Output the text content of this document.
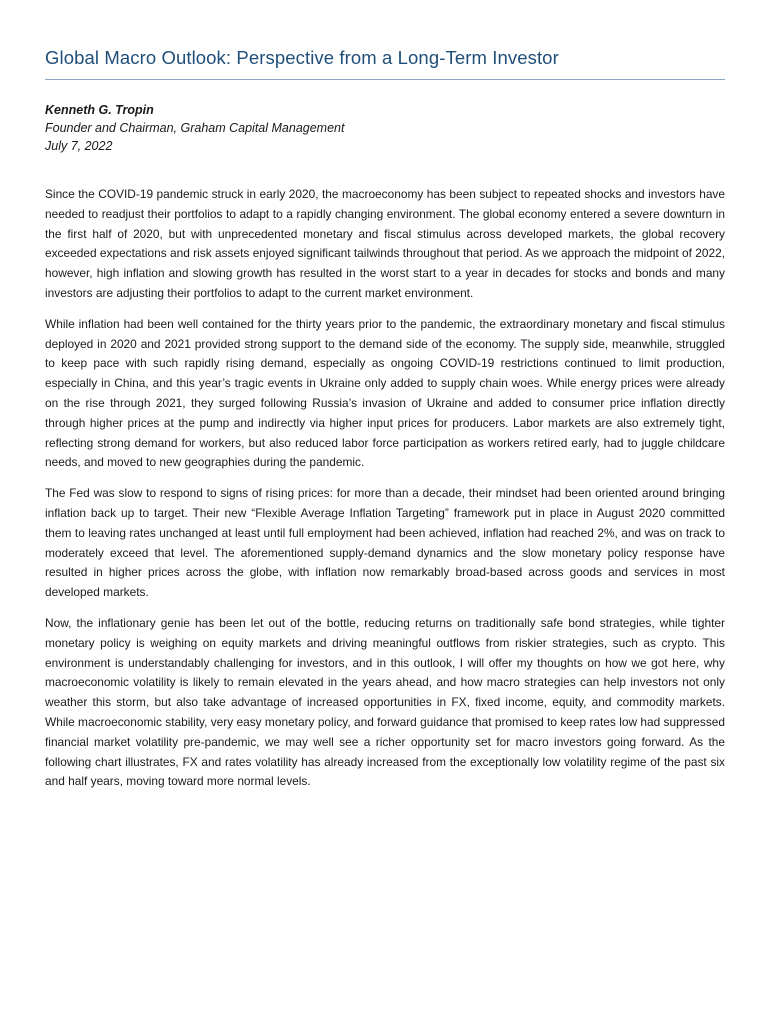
Global Macro Outlook: Perspective from a Long-Term Investor
Kenneth G. Tropin
Founder and Chairman, Graham Capital Management
July 7, 2022

Since the COVID-19 pandemic struck in early 2020, the macroeconomy has been subject to repeated shocks and investors have needed to readjust their portfolios to adapt to a rapidly changing environment. The global economy entered a severe downturn in the first half of 2020, but with unprecedented monetary and fiscal stimulus across developed markets, the global recovery exceeded expectations and risk assets enjoyed significant tailwinds throughout that period. As we approach the midpoint of 2022, however, high inflation and slowing growth has resulted in the worst start to a year in decades for stocks and bonds and many investors are adjusting their portfolios to adapt to the current market environment.

While inflation had been well contained for the thirty years prior to the pandemic, the extraordinary monetary and fiscal stimulus deployed in 2020 and 2021 provided strong support to the demand side of the economy. The supply side, meanwhile, struggled to keep pace with such rapidly rising demand, especially as ongoing COVID-19 restrictions continued to limit production, especially in China, and this year’s tragic events in Ukraine only added to supply chain woes. While energy prices were already on the rise through 2021, they surged following Russia’s invasion of Ukraine and added to consumer price inflation directly through higher prices at the pump and indirectly via higher input prices for producers. Labor markets are also extremely tight, reflecting strong demand for workers, but also reduced labor force participation as workers retired early, had to juggle childcare needs, and moved to new geographies during the pandemic.

The Fed was slow to respond to signs of rising prices: for more than a decade, their mindset had been oriented around bringing inflation back up to target. Their new “Flexible Average Inflation Targeting” framework put in place in August 2020 committed them to leaving rates unchanged at least until full employment had been achieved, inflation had reached 2%, and was on track to moderately exceed that level. The aforementioned supply-demand dynamics and the slow monetary policy response have resulted in higher prices across the globe, with inflation now remarkably broad-based across goods and services in most developed markets.

Now, the inflationary genie has been let out of the bottle, reducing returns on traditionally safe bond strategies, while tighter monetary policy is weighing on equity markets and driving meaningful outflows from riskier strategies, such as crypto. This environment is understandably challenging for investors, and in this outlook, I will offer my thoughts on how we got here, why macroeconomic volatility is likely to remain elevated in the years ahead, and how macro strategies can help investors not only weather this storm, but also take advantage of increased opportunities in FX, fixed income, equity, and commodity markets. While macroeconomic stability, very easy monetary policy, and forward guidance that promised to keep rates low had suppressed financial market volatility pre-pandemic, we may well see a richer opportunity set for macro investors going forward. As the following chart illustrates, FX and rates volatility has already increased from the exceptionally low volatility regime of the past six and half years, moving toward more normal levels.
